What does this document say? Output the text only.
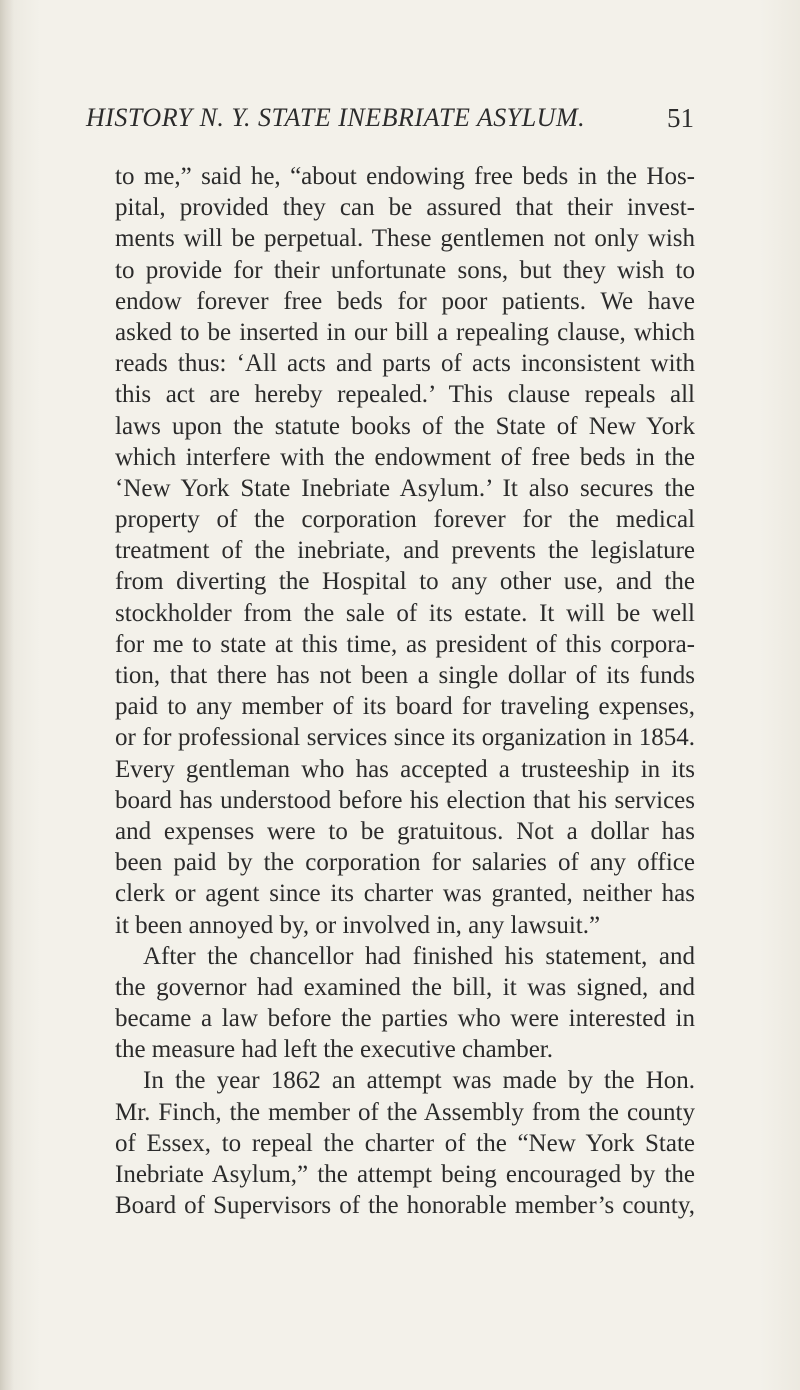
HISTORY N. Y. STATE INEBRIATE ASYLUM.	51
to me,” said he, “about endowing free beds in the Hos-
pital, provided they can be assured that their invest-
ments will be perpetual. These gentlemen not only wish
to provide for their unfortunate sons, but they wish to
endow forever free beds for poor patients. We have
asked to be inserted in our bill a repealing clause, which
reads thus: ‘All acts and parts of acts inconsistent with
this act are hereby repealed.’ This clause repeals all
laws upon the statute books of the State of New York
which interfere with the endowment of free beds in the
‘New York State Inebriate Asylum.’ It also secures the
property of the corporation forever for the medical
treatment of the inebriate, and prevents the legislature
from diverting the Hospital to any other use, and the
stockholder from the sale of its estate. It will be well
for me to state at this time, as president of this corpora-
tion, that there has not been a single dollar of its funds
paid to any member of its board for traveling expenses,
or for professional services since its organization in 1854.
Every gentleman who has accepted a trusteeship in its
board has understood before his election that his services
and expenses were to be gratuitous. Not a dollar has
been paid by the corporation for salaries of any office
clerk or agent since its charter was granted, neither has
it been annoyed by, or involved in, any lawsuit.”
After the chancellor had finished his statement, and
the governor had examined the bill, it was signed, and
became a law before the parties who were interested in
the measure had left the executive chamber.
In the year 1862 an attempt was made by the Hon.
Mr. Finch, the member of the Assembly from the county
of Essex, to repeal the charter of the “New York State
Inebriate Asylum,” the attempt being encouraged by the
Board of Supervisors of the honorable member’s county,
